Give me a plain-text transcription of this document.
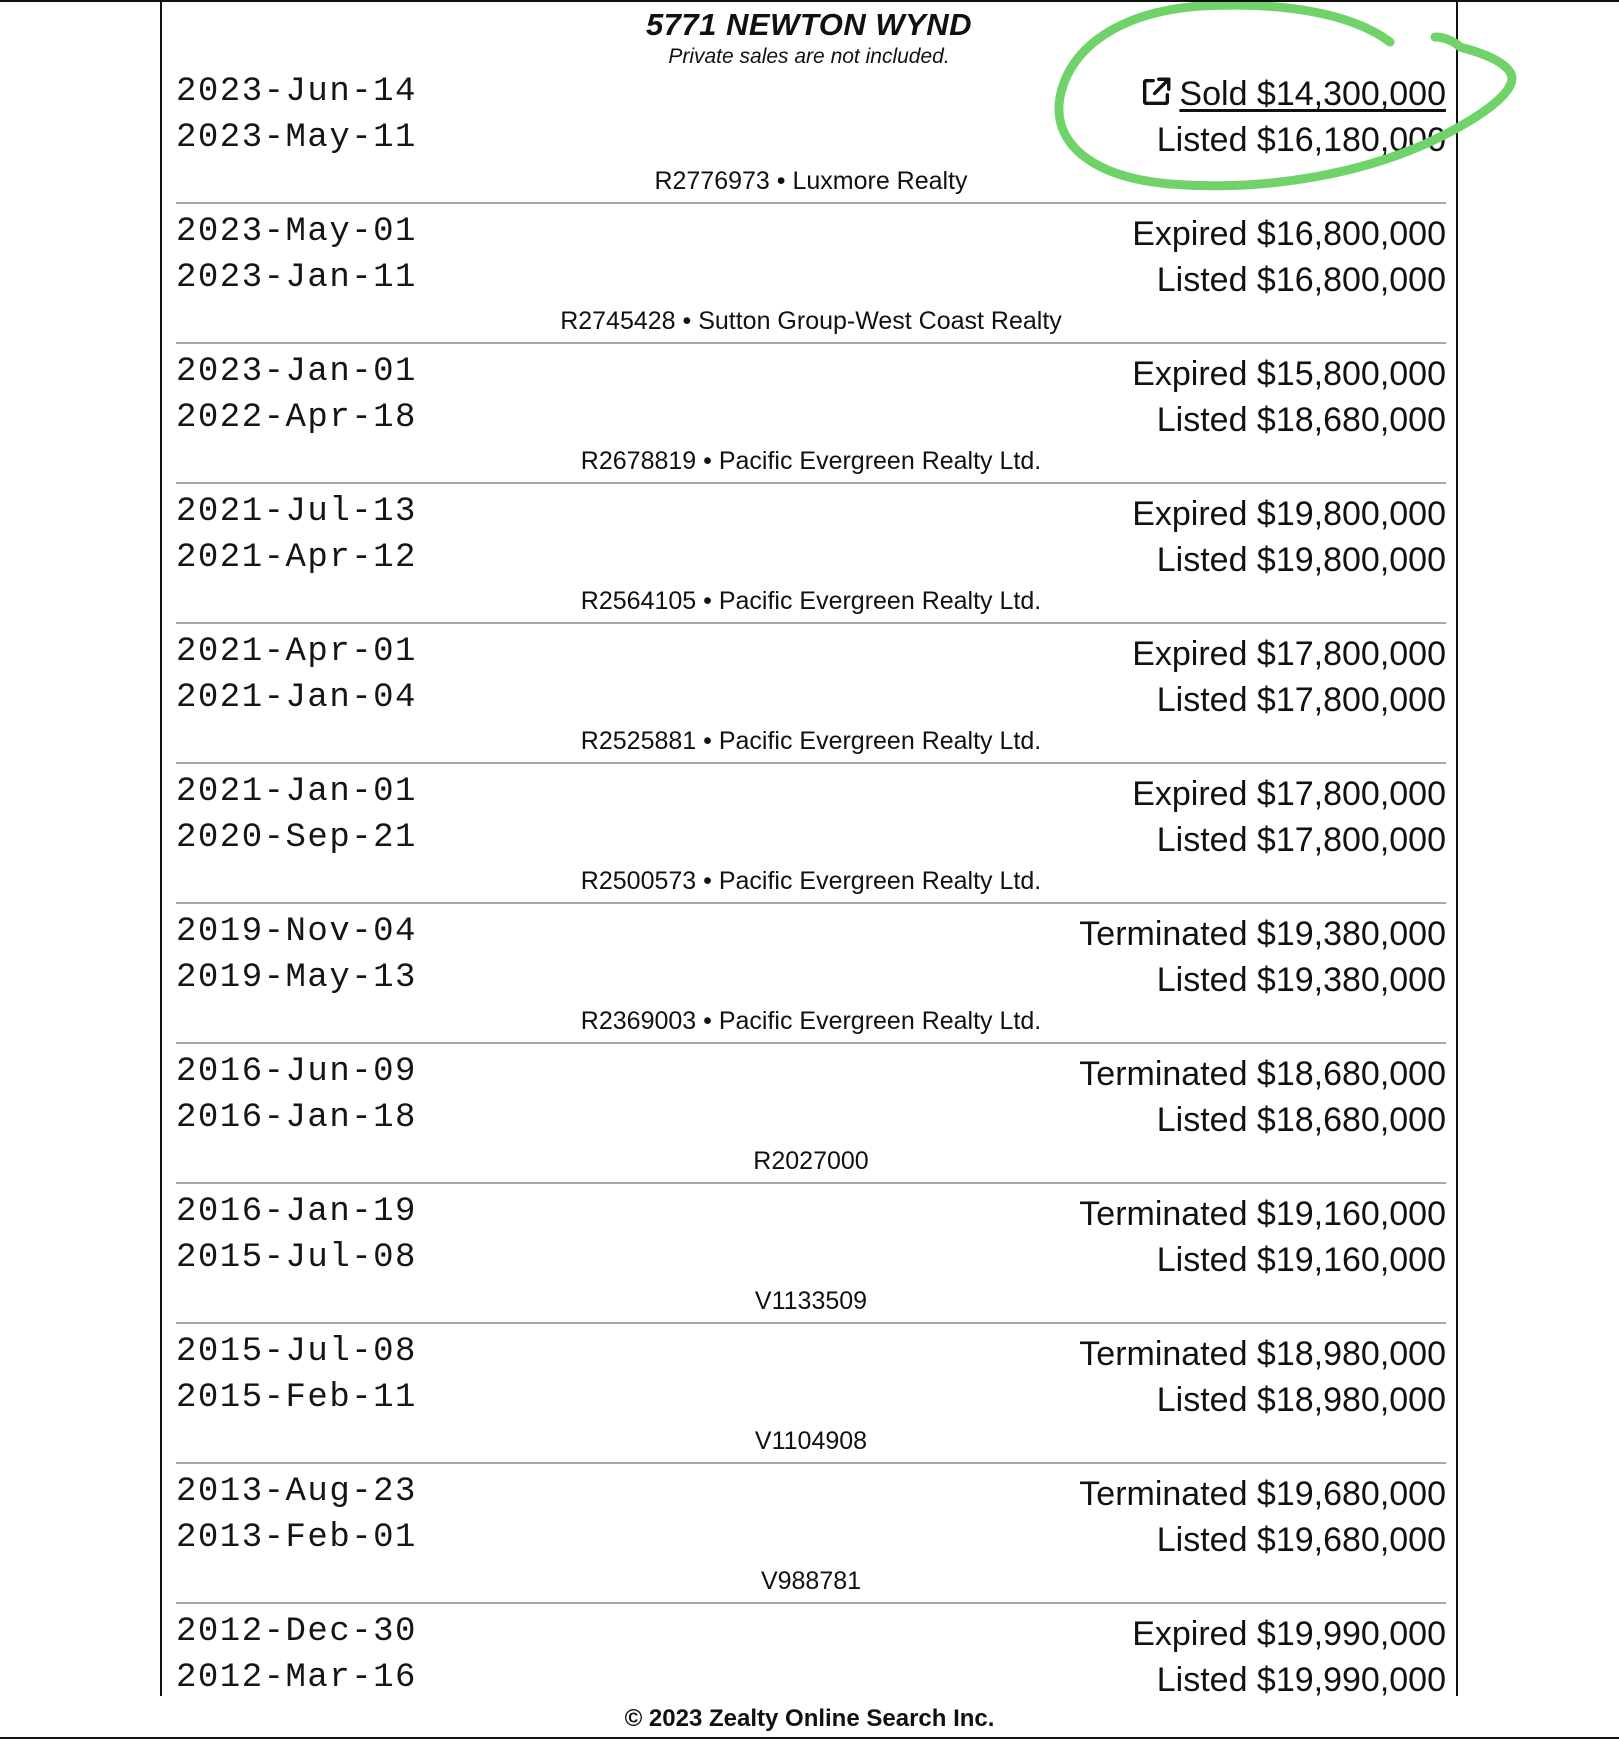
5771 NEWTON WYND
Private sales are not included.
2023-Jun-14
2023-May-11
Sold $14,300,000
Listed $16,180,000
R2776973 • Luxmore Realty
2023-May-01
2023-Jan-11
Expired $16,800,000
Listed $16,800,000
R2745428 • Sutton Group-West Coast Realty
2023-Jan-01
2022-Apr-18
Expired $15,800,000
Listed $18,680,000
R2678819 • Pacific Evergreen Realty Ltd.
2021-Jul-13
2021-Apr-12
Expired $19,800,000
Listed $19,800,000
R2564105 • Pacific Evergreen Realty Ltd.
2021-Apr-01
2021-Jan-04
Expired $17,800,000
Listed $17,800,000
R2525881 • Pacific Evergreen Realty Ltd.
2021-Jan-01
2020-Sep-21
Expired $17,800,000
Listed $17,800,000
R2500573 • Pacific Evergreen Realty Ltd.
2019-Nov-04
2019-May-13
Terminated $19,380,000
Listed $19,380,000
R2369003 • Pacific Evergreen Realty Ltd.
2016-Jun-09
2016-Jan-18
Terminated $18,680,000
Listed $18,680,000
R2027000
2016-Jan-19
2015-Jul-08
Terminated $19,160,000
Listed $19,160,000
V1133509
2015-Jul-08
2015-Feb-11
Terminated $18,980,000
Listed $18,980,000
V1104908
2013-Aug-23
2013-Feb-01
Terminated $19,680,000
Listed $19,680,000
V988781
2012-Dec-30
2012-Mar-16
Expired $19,990,000
Listed $19,990,000
© 2023 Zealty Online Search Inc.
